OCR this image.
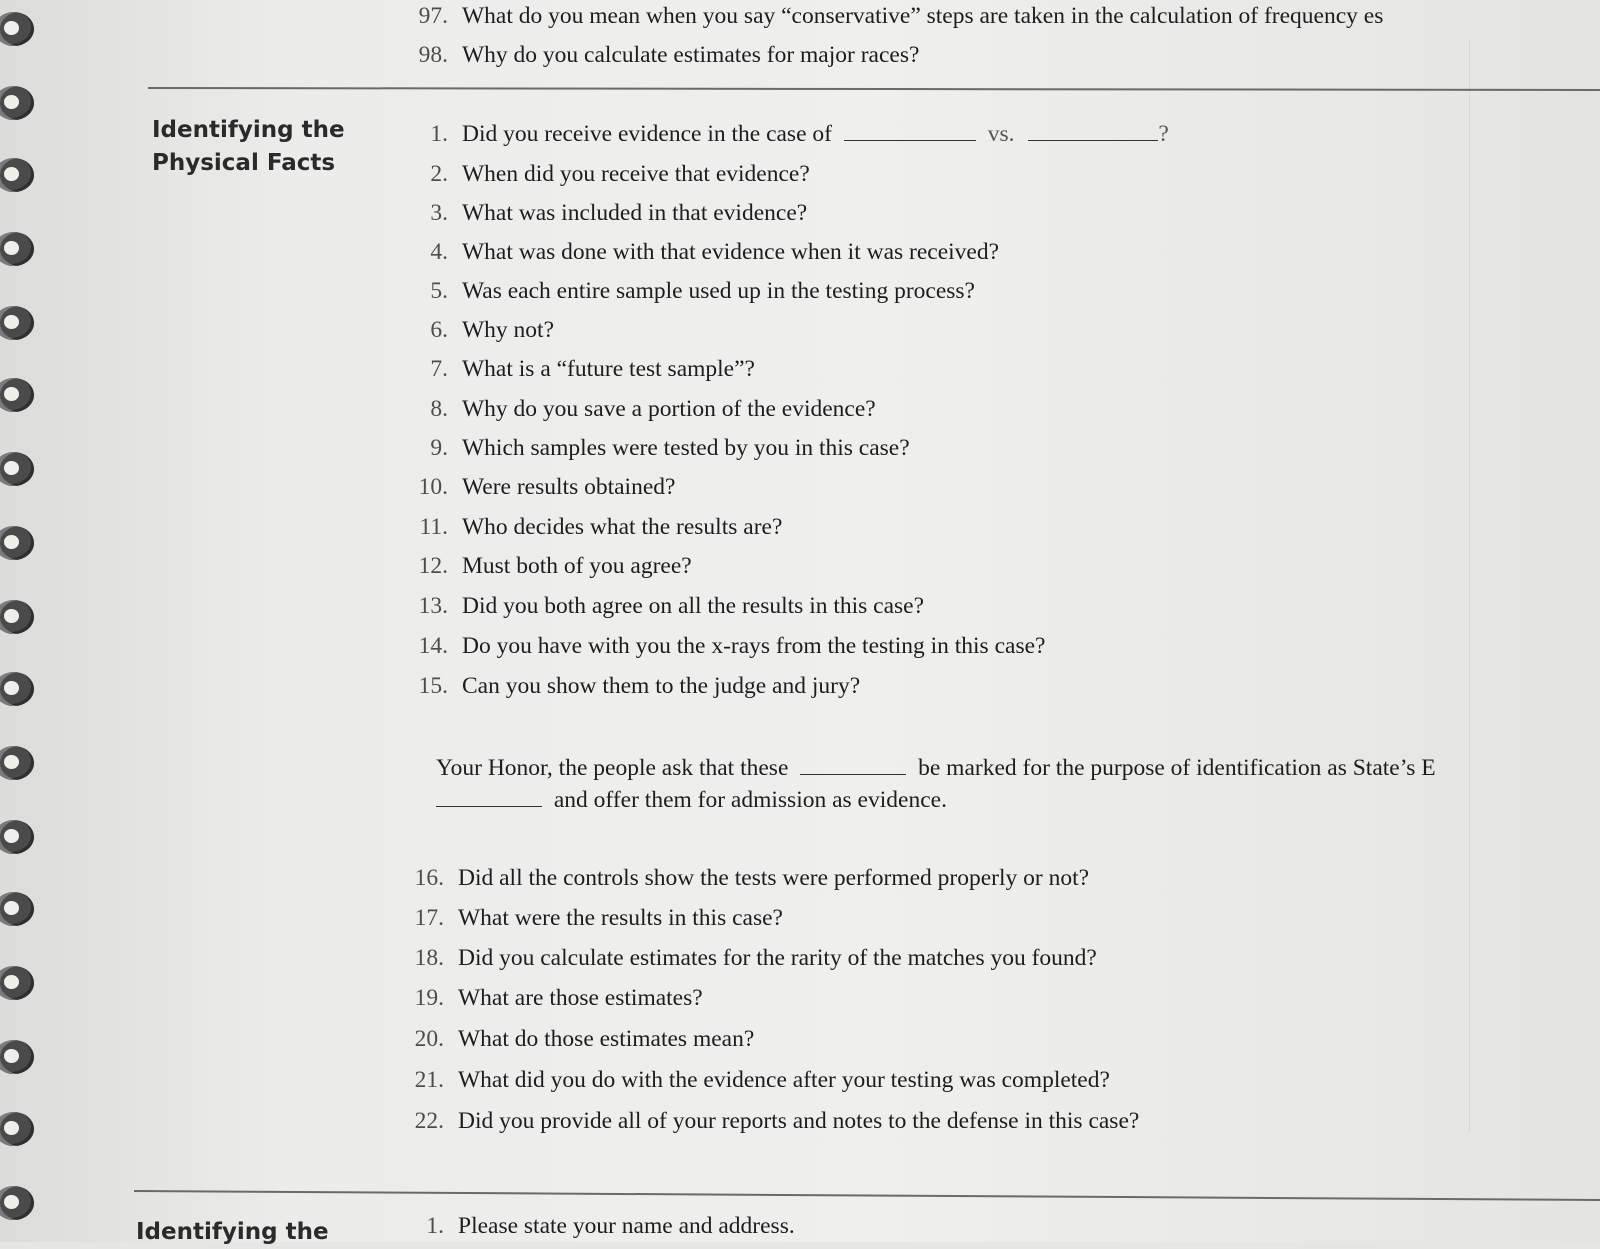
97. What do you mean when you say “conservative” steps are taken in the calculation of frequency es
98. Why do you calculate estimates for major races?
Identifying the
Physical Facts
1. Did you receive evidence in the case of	vs.	?
2. When did you receive that evidence?
3. What was included in that evidence?
4. What was done with that evidence when it was received?
5. Was each entire sample used up in the testing process?
6. Why not?
7. What is a “future test sample”?
8. Why do you save a portion of the evidence?
9. Which samples were tested by you in this case?
10. Were results obtained?
11. Who decides what the results are?
12. Must both of you agree?
13. Did you both agree on all the results in this case?
14. Do you have with you the x-rays from the testing in this case?
15. Can you show them to the judge and jury?
Your Honor, the people ask that these	be marked for the purpose of identification as State’s E
and offer them for admission as evidence.
16. Did all the controls show the tests were performed properly or not?
17. What were the results in this case?
18. Did you calculate estimates for the rarity of the matches you found?
19. What are those estimates?
20. What do those estimates mean?
21. What did you do with the evidence after your testing was completed?
22. Did you provide all of your reports and notes to the defense in this case?
Identifying the	1. Please state your name and address.
